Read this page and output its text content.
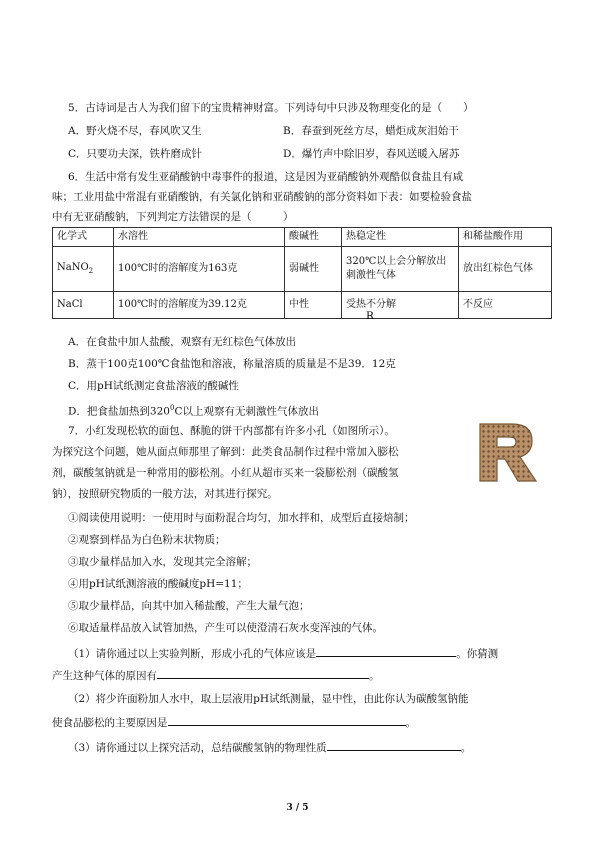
5．古诗词是古人为我们留下的宝贵精神财富。下列诗句中只涉及物理变化的是（　　）
A．野火烧不尽，春风吹又生	B．春蚕到死丝方尽，蜡炬成灰泪始干
C．只要功夫深，铁杵磨成针	D．爆竹声中除旧岁，春风送暖入屠苏
6．生活中常有发生亚硝酸钠中毒事件的报道，这是因为亚硝酸钠外观酷似食盐且有咸
味；工业用盐中常混有亚硝酸钠，有关氯化钠和亚硝酸钠的部分资料如下表：如要检验食盐
中有无亚硝酸钠，下列判定方法错误的是（　　　）
化学式	水溶性	酸碱性	热稳定性	和稀盐酸作用
NaNO$_2$	100℃时的溶解度为163克	弱碱性	320℃以上会分解放出刺激性气体	放出红棕色气体
NaCl	100℃时的溶解度为39.12克	中性	受热不分解	不反应
A．在食盐中加人盐酸，观察有无红棕色气体放出
B．蒸干100克100℃食盐饱和溶液，称量溶质的质量是不是39．12克
C．用pH试纸测定食盐溶液的酸碱性
D．把食盐加热到$320^0C$以上观察有无刺激性气体放出
7．小红发现松软的面包、酥脆的饼干内部都有许多小孔（如图所示）。
为探究这个问题，她从面点师那里了解到：此类食品制作过程中常加入膨松
剂，碳酸氢钠就是一种常用的膨松剂。小红从超市买来一袋膨松剂（碳酸氢
钠），按照研究物质的一般方法，对其进行探究。
R
①阅读使用说明：一使用时与面粉混合均匀，加水拌和，成型后直接焙制；
②观察到样品为白色粉末状物质；
③取少量样品加入水，发现其完全溶解；
④用pH试纸测溶液的酸碱度pH=11；
⑤取少量样品，向其中加入稀盐酸，产生大量气泡；
⑥取适量样品放入试管加热，产生可以使澄清石灰水变浑浊的气体。
（1）请你通过以上实验判断，形成小孔的气体应该是	。你猜测
产生这种气体的原因有	。
（2）将少许面粉加人水中，取上层液用pH试纸测量，显中性，由此你认为碳酸氢钠能
使食品膨松的主要原因是	。
（3）请你通过以上探究活动，总结碳酸氢钠的物理性质	。
3 / 5
